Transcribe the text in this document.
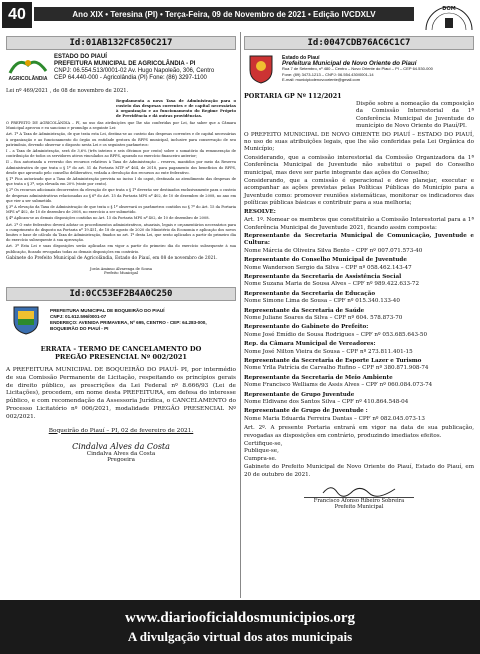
40	Ano XIX • Teresina (PI) • Terça-Feira, 09 de Novembro de 2021 • Edição IVCDXLV
DOM
Id:01AB132FC850C217
AGRICOLÂNDIA
ESTADO DO PIAUÍ
PREFEITURA MUNICIPAL DE AGRICOLÂNDIA - PI
CNPJ: 06.554.513/0001-02 Av. Hugo Napoleão, 306, Centro
CEP 64.440-000 - Agricolândia (PI) Fone: (86) 3297-1100
Lei nº 469/2021 , de 08 de novembro de 2021.
Regulamenta a nova Taxa de Administração para o custeio das despesas correntes e de capital necessárias à organização e ao funcionamento do Regime Próprio de Previdência e dá outras providências.

O PREFEITO DE AGRICOLÂNDIA – PI, no uso das atribuições que lhe são conferidas por Lei, faz saber que a Câmara Municipal aprovou e eu sanciono e promulgo a seguinte Lei:

Art. 1º A Taxa de Administração, de que trata esta Lei, destina-se ao custeio das despesas correntes e de capital necessárias à organização e ao funcionamento do órgão ou entidade gestora do RPPS municipal, inclusive para conservação de seu patrimônio, devendo observar o disposto nesta Lei e os seguintes parâmetros:

I – a Taxa de Administração, será de 3,6% (três inteiros e seis décimos por cento) sobre o somatório da remuneração de contribuição de todos os servidores ativos vinculados ao RPPS, apurado no exercício financeiro anterior;

II – fica autorizada a reversão dos recursos relativos à Taxa de Administração – reserva, mantidos por meio da Reserva Administrativa de que trata o § 1º do art. 51 da Portaria MTP nº 464, de 2018, para pagamento dos benefícios do RPPS, desde que aprovado pelo conselho deliberativo, vedada a devolução dos recursos ao ente federativo.

§ 1º Fica autorizado que a Taxa de Administração prevista no inciso I do caput, destinada ao atendimento das despesas de que trata o § 3º, seja elevada em 20% (vinte por cento).

§ 2º Os recursos adicionais decorrentes da elevação de que trata o § 1º deverão ser destinados exclusivamente para o custeio de despesas administrativas relacionadas ao § 6º do Art. 15 da Portaria MPS nº 402, de 10 de dezembro de 2008, no ano em que vier a ser submetido.

§ 3º A elevação da Taxa de Administração de que trata o § 1º observará os parâmetros contidos no § 7º do Art. 15 da Portaria MPS nº 402, de 10 de dezembro de 2008, no exercício a ser submetido.

§ 4º Aplicam-se as demais disposições contidas no Art. 15 da Portaria MPS nº 402, de 10 de dezembro de 2008.

Art. 2º O ente federativo deverá adotar os procedimentos administrativos, atuariais, legais e orçamentários necessários para o cumprimento do disposto na Portaria nº 19.451, de 18 de agosto de 2020 do Ministério da Economia e aplicação dos novos limites e base de cálculo da Taxa de Administração, fixados no art. 1º desta Lei, que serão aplicados a partir do primeiro dia do exercício subsequente à sua aprovação.

Art. 3º Esta Lei e suas disposições serão aplicadas em vigor a partir do primeiro dia do exercício subsequente à sua publicação, ficando revogadas todas as demais disposições em contrário.

Gabinete do Prefeito Municipal de Agricolândia, Estado do Piauí, em 08 de novembro de 2021.

Josús Aminuo Alvarenga de Sousa
Prefeito Municipal
Id:0CC53EF2B4A0C250
PREFEITURA MUNICIPAL DE BOQUEIRÃO DO PIAUÍ
CNPJ: 01.612.596/0001-07
ENDEREÇO: AVENIDA PRIMAVERA, Nº 695, CENTRO - CEP: 64.283-000,
BOQUEIRÃO DO PIAUÍ - PI
ERRATA - TERMO DE CANCELAMENTO DO
PREGÃO PRESENCIAL Nº 002/2021

A PREFEITURA MUNICIPAL DE BOQUEIRÃO DO PIAUÍ- PI, por intermédio de sua Comissão Permanente de Licitação, respeitando os princípios gerais de direito público, as prescrições da Lei Federal nº 8.666/93 (Lei de Licitações), procedem, em nome desta PREFEITURA, em defesa do interesse público, e com recomendação da Assessoria Jurídica, o CANCELAMENTO do Processo Licitatório nº 006/2021, modalidade PREGÃO PRESENCIAL Nº 002/2021.

Boqueirão do Piauí – PI, 02 de fevereiro de 2021.
Cindalva Alves da Costa
Cindalva Alves da Costa
Pregoeira
Id:0047CDB76AC6C1C7
Estado do Piauí
Prefeitura Municipal de Novo Oriente do Piauí
Rua 7 de Setembro, nº 480 – Centro – Novo Oriente do Piauí – PI – CEP 64.530-000
Fone: (89) 3473-1213 – CNPJ: 06.554.430/0001-14
E-mail: municipiodenovooriente@gmail.com
PORTARIA GP Nº 112/2021

Dispõe sobre a nomeação da composição da Comissão Interestorial da 1ª Conferência Municipal de Juventude do município de Novo Oriente do Piauí/PI.

O PREFEITO MUNICIPAL DE NOVO ORIENTE DO PIAUÍ – ESTADO DO PIAUÍ, no uso de suas atribuições legais, que lhe são conferidas pela Lei Orgânica do Município;

Considerando, que a comissão interestorial da Comissão Organizadora da 1ª Conferência Municipal de Juventude não substitui o papel do Conselho municipal, mas deve ser parte integrante das ações do Conselho;

Considerando, que a comissão é operacional e deve planejar, executar e acompanhar as ações previstas pelas Políticas Públicas do Município para a Juventude como: promover reuniões sistemáticas, monitorar os indicadores das políticas públicas básicas e contribuir para a sua melhoria;

RESOLVE:

Art. 1º. Nomear os membros que constituirão a Comissão Interestorial para a 1ª Conferência Municipal de Juventude 2021, ficando assim composta:

Representante da Secretaria Municipal de Comunicação, Juventude e Cultura:

Nome Márcia de Oliveira Silva Bento – CPF nº 007.071.573-40

Representante do Conselho Municipal de Juventude

Nome Wanderson Sergio da Silva – CPF nº 058.462.143-47

Representante da Secretaria de Assistência Social

Nome Suzana Maria de Sousa Alves – CPF nº 989.422.633-72

Representante da Secretaria de Educação

Nome Simone Lima de Sousa – CPF nº 015.340.133-40

Representante da Secretaria de Saúde

Nome Juliane Soares da Silva – CPF nº 604. 578.873-70

Representante do Gabinete do Prefeito:

Nome José Emídio de Sousa Rodrigues – CPF nº 053.685.643-50

Rep. da Câmara Municipal de Vereadores:

Nome José Nilton Vieira de Sousa – CPF nº 273.811.401-15

Representante da Secretaria de Esporte Lazer e Turismo

Nome Yrlla Patrícia de Carvalho Rufino – CPF nº 380.871.908-74

Representante da Secretaria de Meio Ambiente

Nome Francisco Welliams de Assis Alves – CPF nº 060.084.073-74

Representante de Grupo Juventude

Nome Eldivane dos Santos Silva – CPF nº 410.864.548-04

Representante de Grupo de Juventude :

Nome Maria Eduarda Ferreira Dantas – CPF nº 082.045.073-13

Art. 2º. A presente Portaria entrará em vigor na data de sua publicação, revogadas as disposições em contrário, produzindo imediatos efeitos.

Certifique-se,

Publique-se,

Cumpra-se.

Gabinete do Prefeito Municipal de Novo Oriente do Piauí, Estado do Piauí, em 20 de outubro de 2021.

Francisco Afonso Ribeiro Sobreira
Prefeito Municipal
www.diariooficialdosmunicipios.org
A divulgação virtual dos atos municipais
